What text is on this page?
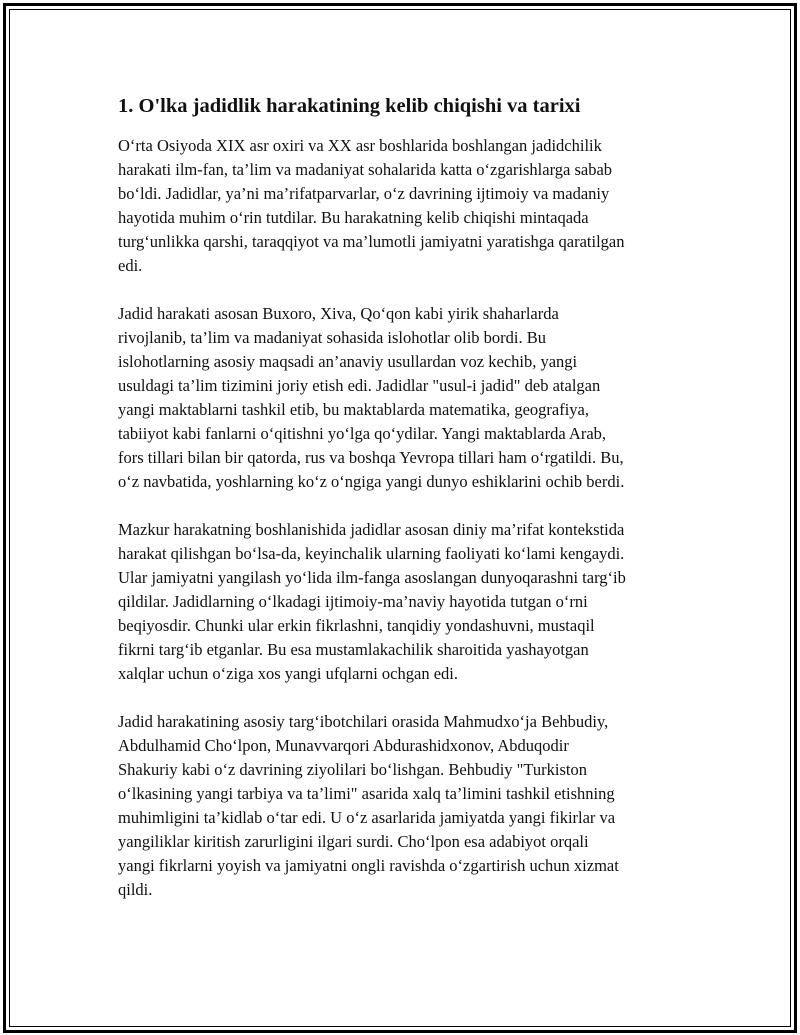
1. O'lka jadidlik harakatining kelib chiqishi va tarixi
O‘rta Osiyoda XIX asr oxiri va XX asr boshlarida boshlangan jadidchilik
harakati ilm-fan, ta’lim va madaniyat sohalarida katta o‘zgarishlarga sabab
bo‘ldi. Jadidlar, ya’ni ma’rifatparvarlar, o‘z davrining ijtimoiy va madaniy
hayotida muhim o‘rin tutdilar. Bu harakatning kelib chiqishi mintaqada
turg‘unlikka qarshi, taraqqiyot va ma’lumotli jamiyatni yaratishga qaratilgan
edi.
Jadid harakati asosan Buxoro, Xiva, Qo‘qon kabi yirik shaharlarda
rivojlanib, ta’lim va madaniyat sohasida islohotlar olib bordi. Bu
islohotlarning asosiy maqsadi an’anaviy usullardan voz kechib, yangi
usuldagi ta’lim tizimini joriy etish edi. Jadidlar "usul-i jadid" deb atalgan
yangi maktablarni tashkil etib, bu maktablarda matematika, geografiya,
tabiiyot kabi fanlarni o‘qitishni yo‘lga qo‘ydilar. Yangi maktablarda Arab,
fors tillari bilan bir qatorda, rus va boshqa Yevropa tillari ham o‘rgatildi. Bu,
o‘z navbatida, yoshlarning ko‘z o‘ngiga yangi dunyo eshiklarini ochib berdi.
Mazkur harakatning boshlanishida jadidlar asosan diniy ma’rifat kontekstida
harakat qilishgan bo‘lsa-da, keyinchalik ularning faoliyati ko‘lami kengaydi.
Ular jamiyatni yangilash yo‘lida ilm-fanga asoslangan dunyoqarashni targ‘ib
qildilar. Jadidlarning o‘lkadagi ijtimoiy-ma’naviy hayotida tutgan o‘rni
beqiyosdir. Chunki ular erkin fikrlashni, tanqidiy yondashuvni, mustaqil
fikrni targ‘ib etganlar. Bu esa mustamlakachilik sharoitida yashayotgan
xalqlar uchun o‘ziga xos yangi ufqlarni ochgan edi.
Jadid harakatining asosiy targ‘ibotchilari orasida Mahmudxo‘ja Behbudiy,
Abdulhamid Cho‘lpon, Munavvarqori Abdurashidxonov, Abduqodir
Shakuriy kabi o‘z davrining ziyolilari bo‘lishgan. Behbudiy "Turkiston
o‘lkasining yangi tarbiya va ta’limi" asarida xalq ta’limini tashkil etishning
muhimligini ta’kidlab o‘tar edi. U o‘z asarlarida jamiyatda yangi fikirlar va
yangiliklar kiritish zarurligini ilgari surdi. Cho‘lpon esa adabiyot orqali
yangi fikrlarni yoyish va jamiyatni ongli ravishda o‘zgartirish uchun xizmat
qildi.
